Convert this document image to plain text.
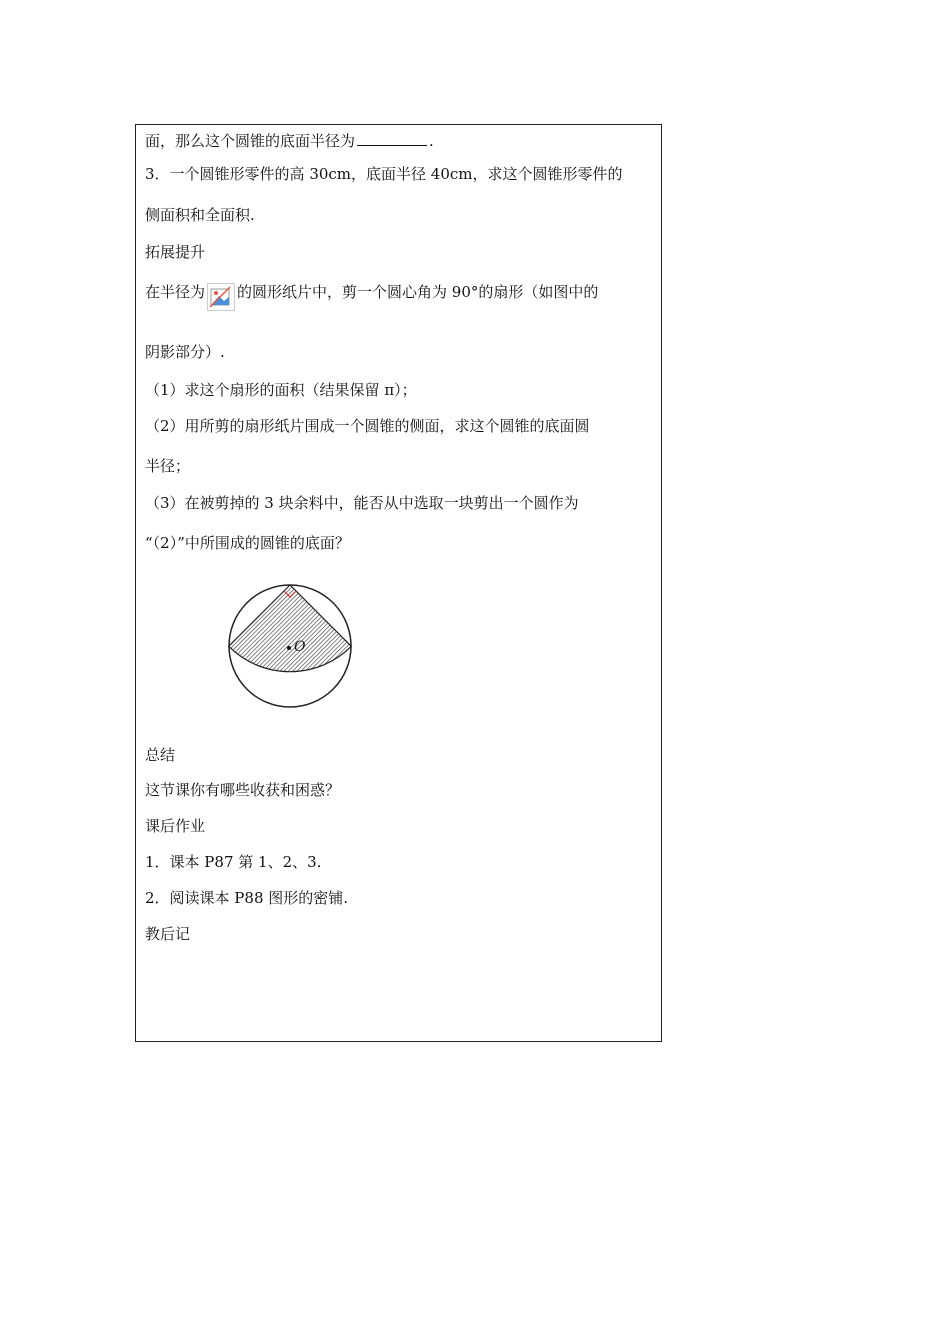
面，那么这个圆锥的底面半径为	.
3．一个圆锥形零件的高 30cm，底面半径 40cm，求这个圆锥形零件的
侧面积和全面积.
拓展提升
在半径为 的圆形纸片中，剪一个圆心角为 90°的扇形（如图中的
阴影部分）.
（1）求这个扇形的面积（结果保留 π）；
（2）用所剪的扇形纸片围成一个圆锥的侧面，求这个圆锥的底面圆
半径；
（3）在被剪掉的 3 块余料中，能否从中选取一块剪出一个圆作为
“（2）”中所围成的圆锥的底面？
O
总结
这节课你有哪些收获和困惑？
课后作业
1．课本 P87 第 1、2、3.
2．阅读课本 P88 图形的密铺.
教后记
